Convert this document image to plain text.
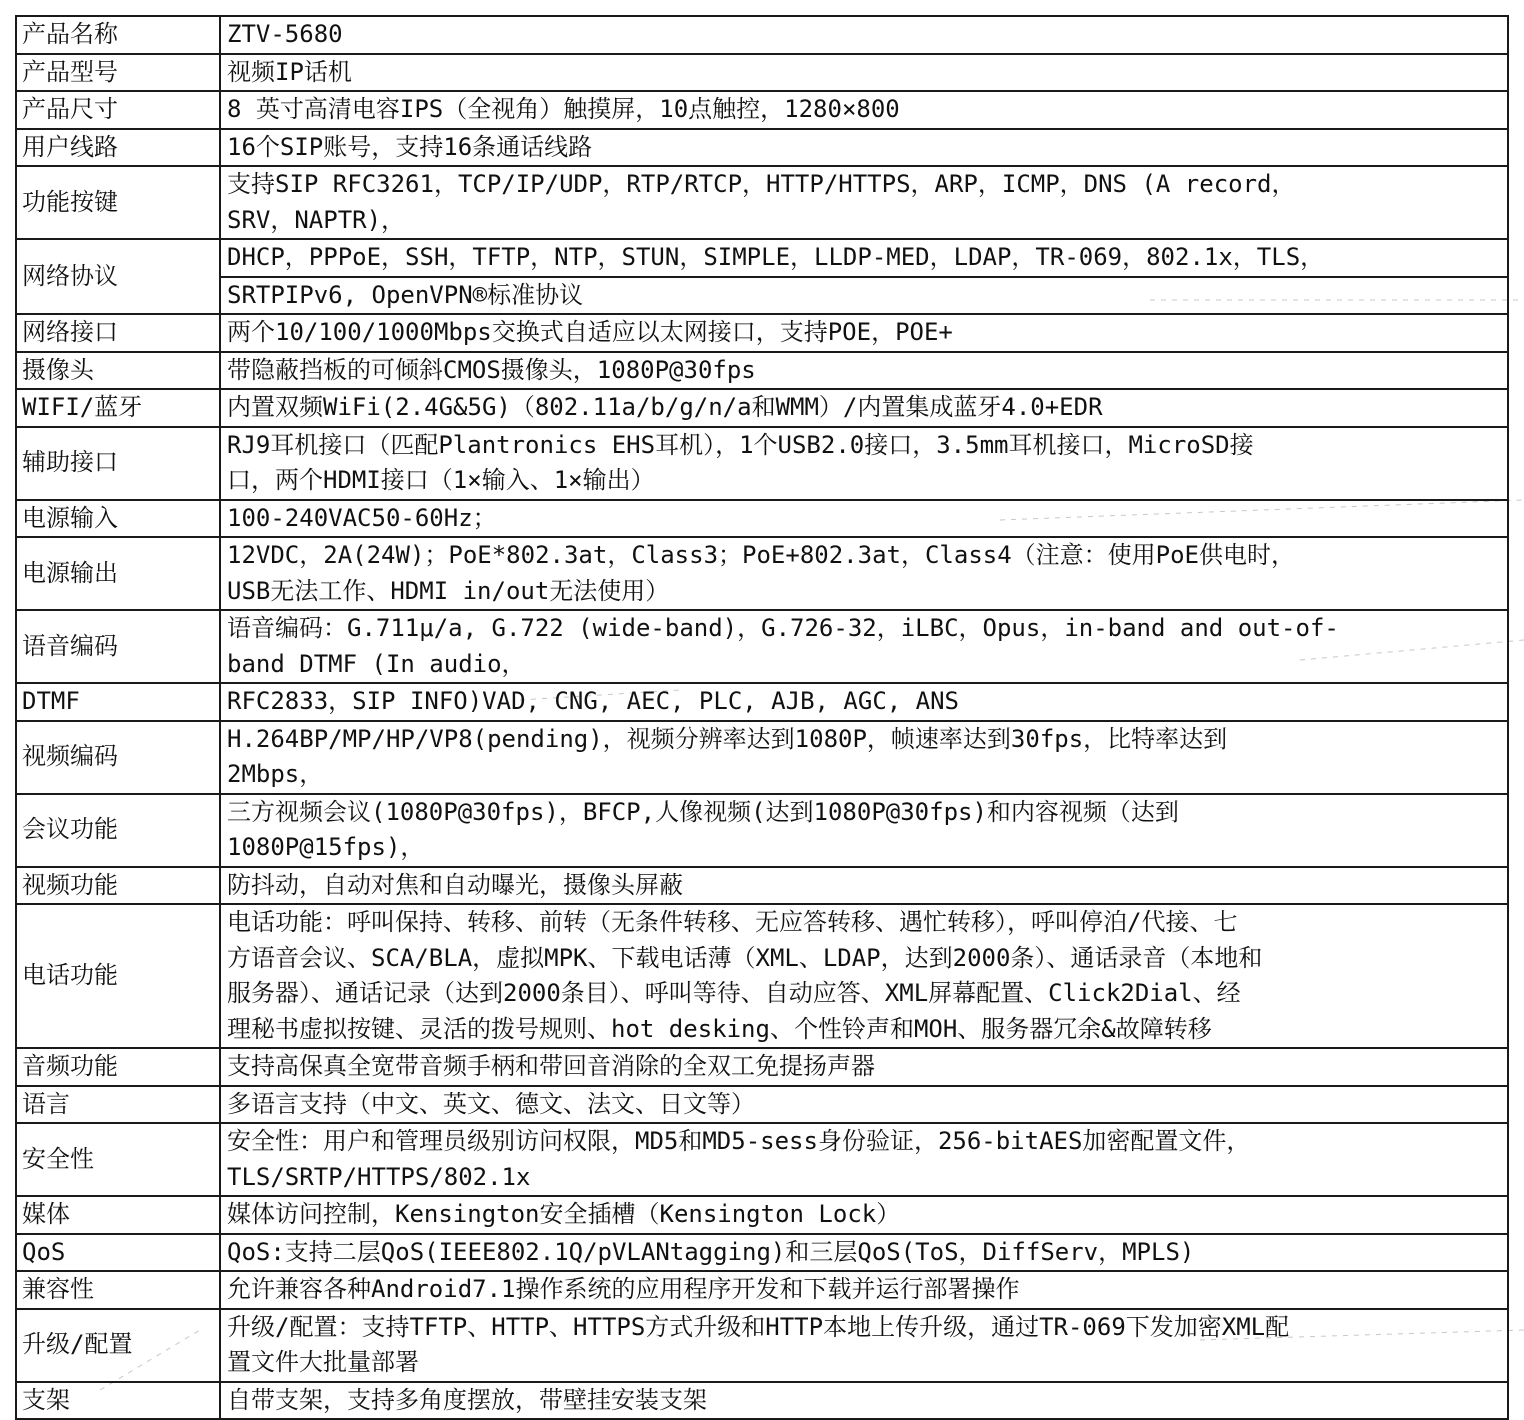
产品名称	ZTV-5680

产品型号	视频IP话机

产品尺寸	8 英寸高清电容IPS（全视角）触摸屏，10点触控，1280×800

用户线路	16个SIP账号，支持16条通话线路

功能按键	支持SIP RFC3261，TCP/IP/UDP，RTP/RTCP，HTTP/HTTPS，ARP，ICMP，DNS (A record，
SRV，NAPTR)，

网络协议	DHCP，PPPoE，SSH，TFTP，NTP，STUN，SIMPLE，LLDP-MED，LDAP，TR-069，802.1x，TLS，
	SRTPIPv6, OpenVPN®标准协议
网络接口	两个10/100/1000Mbps交换式自适应以太网接口，支持POE，POE+

摄像头	带隐蔽挡板的可倾斜CMOS摄像头，1080P@30fps

WIFI/蓝牙	内置双频WiFi(2.4G&5G)（802.11a/b/g/n/a和WMM）/内置集成蓝牙4.0+EDR

辅助接口	RJ9耳机接口（匹配Plantronics EHS耳机），1个USB2.0接口，3.5mm耳机接口，MicroSD接
口，两个HDMI接口（1×输入、1×输出）

电源输入	100-240VAC50-60Hz；

电源输出	12VDC，2A(24W)；PoE*802.3at，Class3；PoE+802.3at，Class4（注意：使用PoE供电时，
USB无法工作、HDMI in/out无法使用）

语音编码	语音编码：G.711μ/a, G.722 (wide-band)，G.726-32，iLBC，Opus，in-band and out-of-
band DTMF (In audio，

DTMF	RFC2833，SIP INFO)VAD, CNG, AEC, PLC, AJB, AGC, ANS

视频编码	H.264BP/MP/HP/VP8(pending)，视频分辨率达到1080P，帧速率达到30fps，比特率达到
2Mbps，

会议功能	三方视频会议(1080P@30fps)，BFCP,人像视频(达到1080P@30fps)和内容视频（达到
1080P@15fps)，

视频功能	防抖动，自动对焦和自动曝光，摄像头屏蔽

电话功能	电话功能：呼叫保持、转移、前转（无条件转移、无应答转移、遇忙转移），呼叫停泊/代接、七
方语音会议、SCA/BLA，虚拟MPK、下载电话薄（XML、LDAP，达到2000条）、通话录音（本地和
服务器）、通话记录（达到2000条目）、呼叫等待、自动应答、XML屏幕配置、Click2Dial、经
理秘书虚拟按键、灵活的拨号规则、hot desking、个性铃声和MOH、服务器冗余&故障转移

音频功能	支持高保真全宽带音频手柄和带回音消除的全双工免提扬声器

语言	多语言支持（中文、英文、德文、法文、日文等）

安全性	安全性：用户和管理员级别访问权限，MD5和MD5-sess身份验证，256-bitAES加密配置文件，
TLS/SRTP/HTTPS/802.1x

媒体	媒体访问控制，Kensington安全插槽（Kensington Lock）

QoS	QoS:支持二层QoS(IEEE802.1Q/pVLANtagging)和三层QoS(ToS，DiffServ，MPLS)

兼容性	允许兼容各种Android7.1操作系统的应用程序开发和下载并运行部署操作

升级/配置	升级/配置：支持TFTP、HTTP、HTTPS方式升级和HTTP本地上传升级，通过TR-069下发加密XML配
置文件大批量部署

支架	自带支架，支持多角度摆放，带壁挂安装支架
